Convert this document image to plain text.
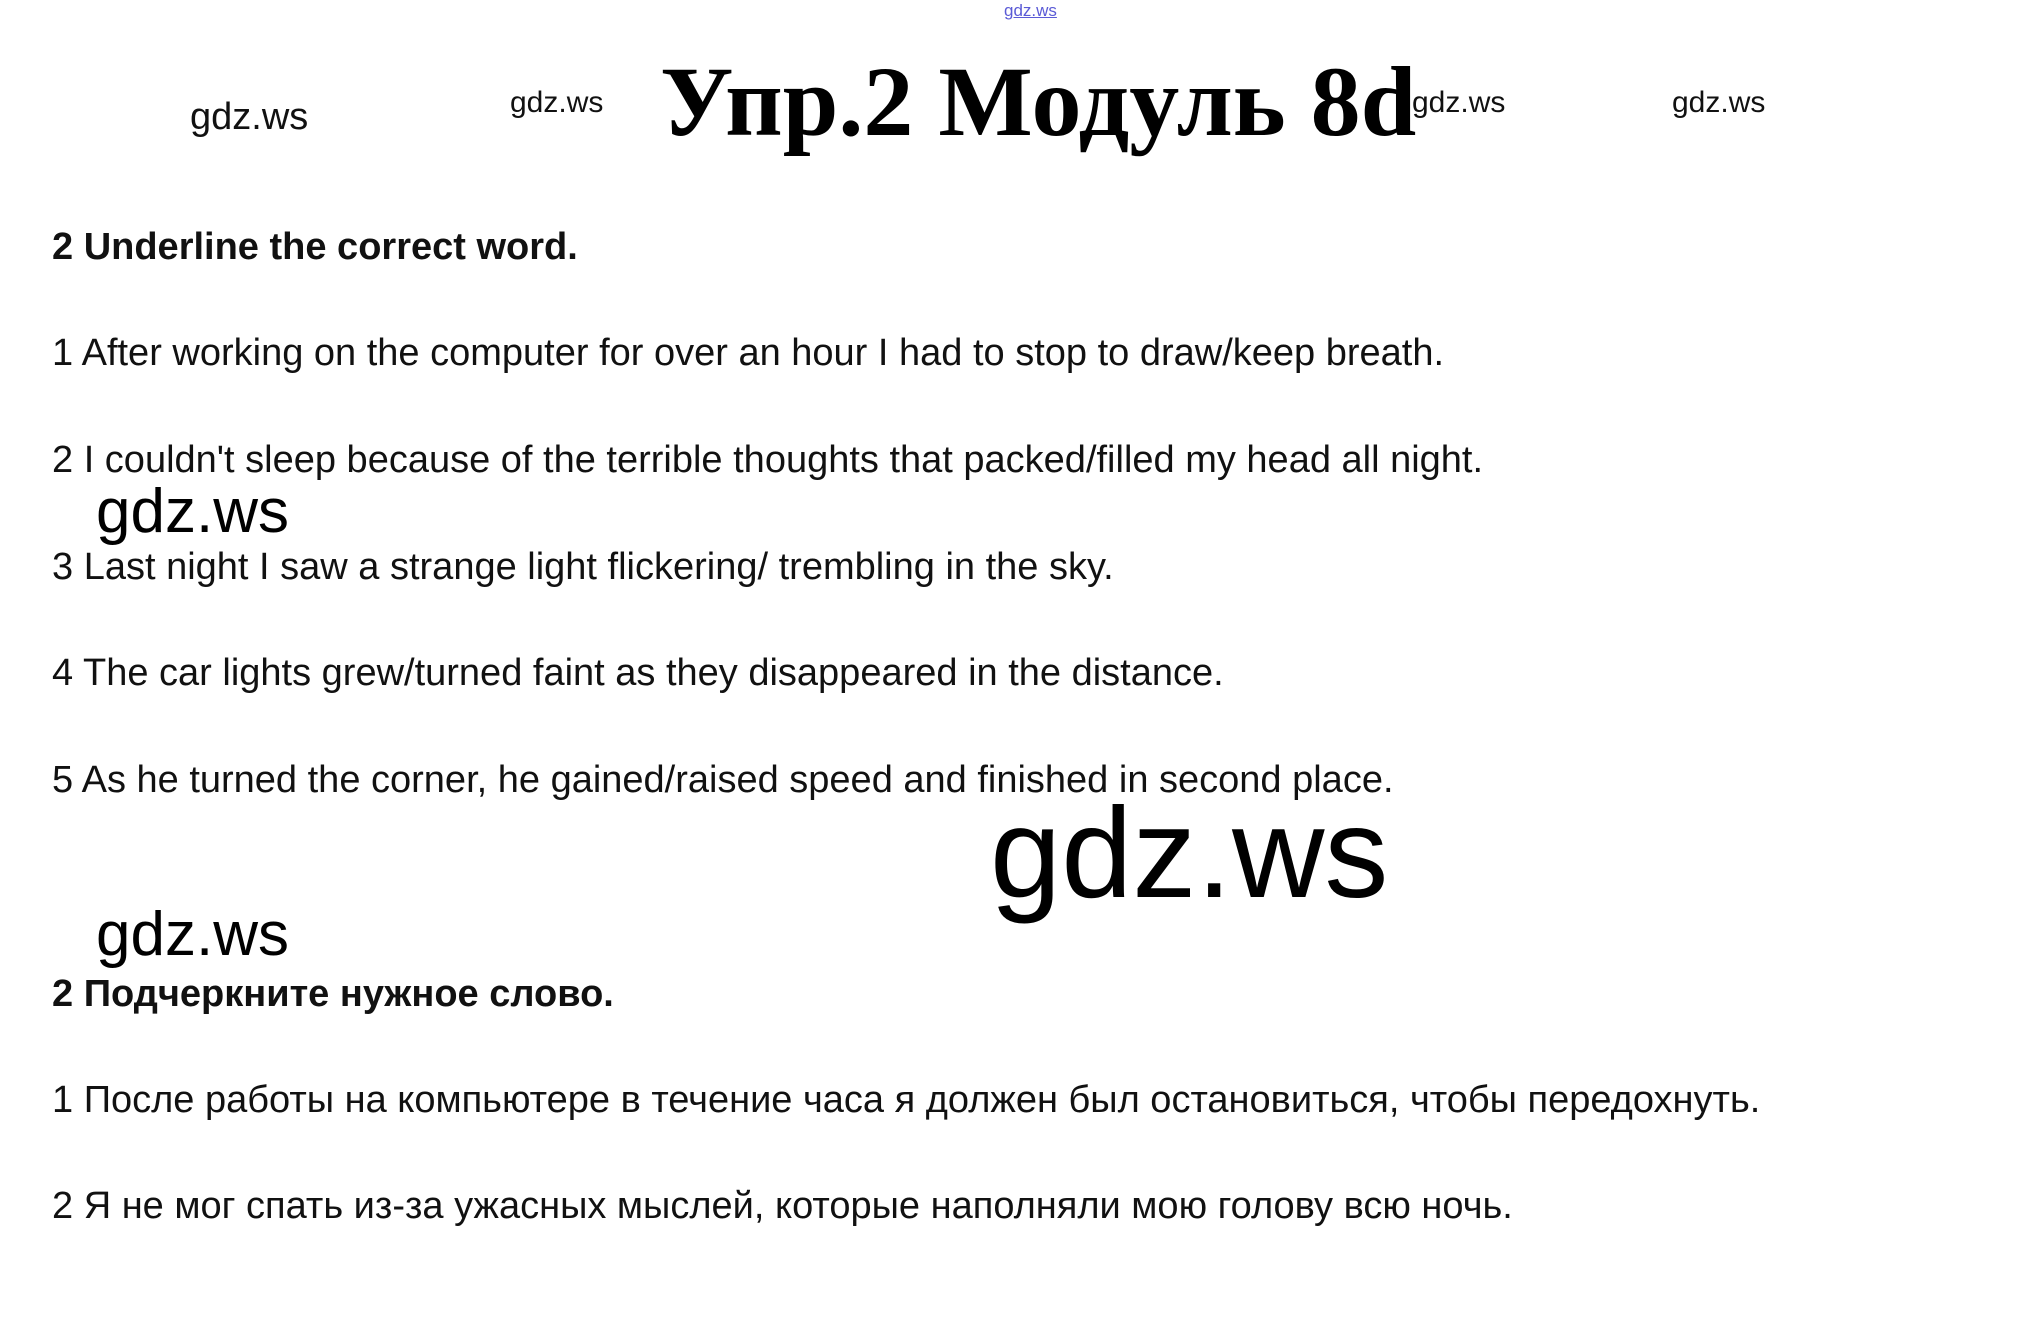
gdz.ws
gdz.ws	gdz.ws	gdz.ws	gdz.ws
Упр.2 Модуль 8d
2 Underline the correct word.
1 After working on the computer for over an hour I had to stop to draw/keep breath.
2 I couldn't sleep because of the terrible thoughts that packed/filled my head all night.
3 Last night I saw a strange light flickering/ trembling in the sky.
4 The car lights grew/turned faint as they disappeared in the distance.
5 As he turned the corner, he gained/raised speed and finished in second place.
gdz.ws
gdz.ws
gdz.ws
2 Подчеркните нужное слово.
1 После работы на компьютере в течение часа я должен был остановиться, чтобы передохнуть.
2 Я не мог спать из-за ужасных мыслей, которые наполняли мою голову всю ночь.
